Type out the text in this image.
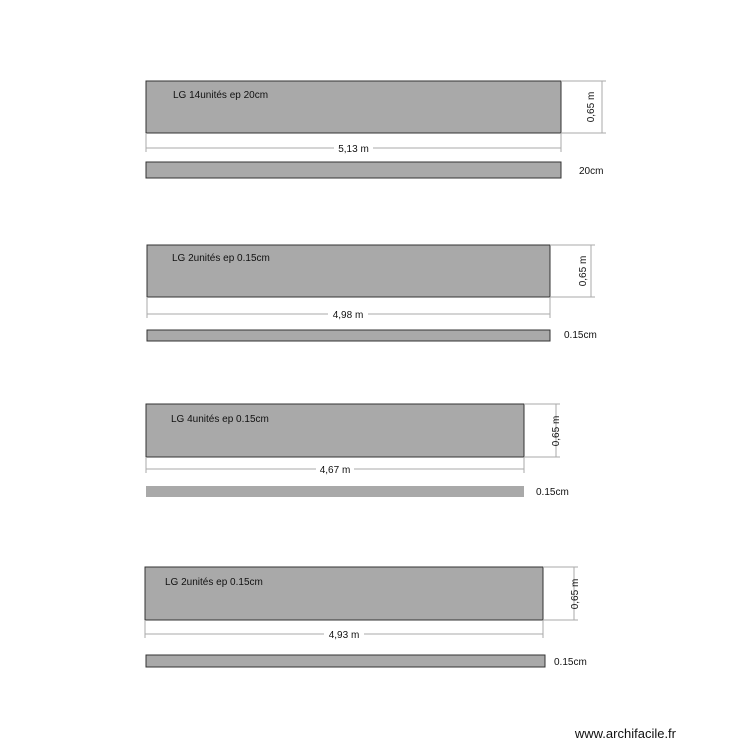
LG 14unités ep 20cm
5,13 m
0,65 m
20cm
LG 2unités ep 0.15cm
4,98 m
0,65 m
0.15cm
LG 4unités ep 0.15cm
4,67 m
0,65 m
0.15cm
LG 2unités ep 0.15cm
4,93 m
0,65 m
0.15cm
www.archifacile.fr
